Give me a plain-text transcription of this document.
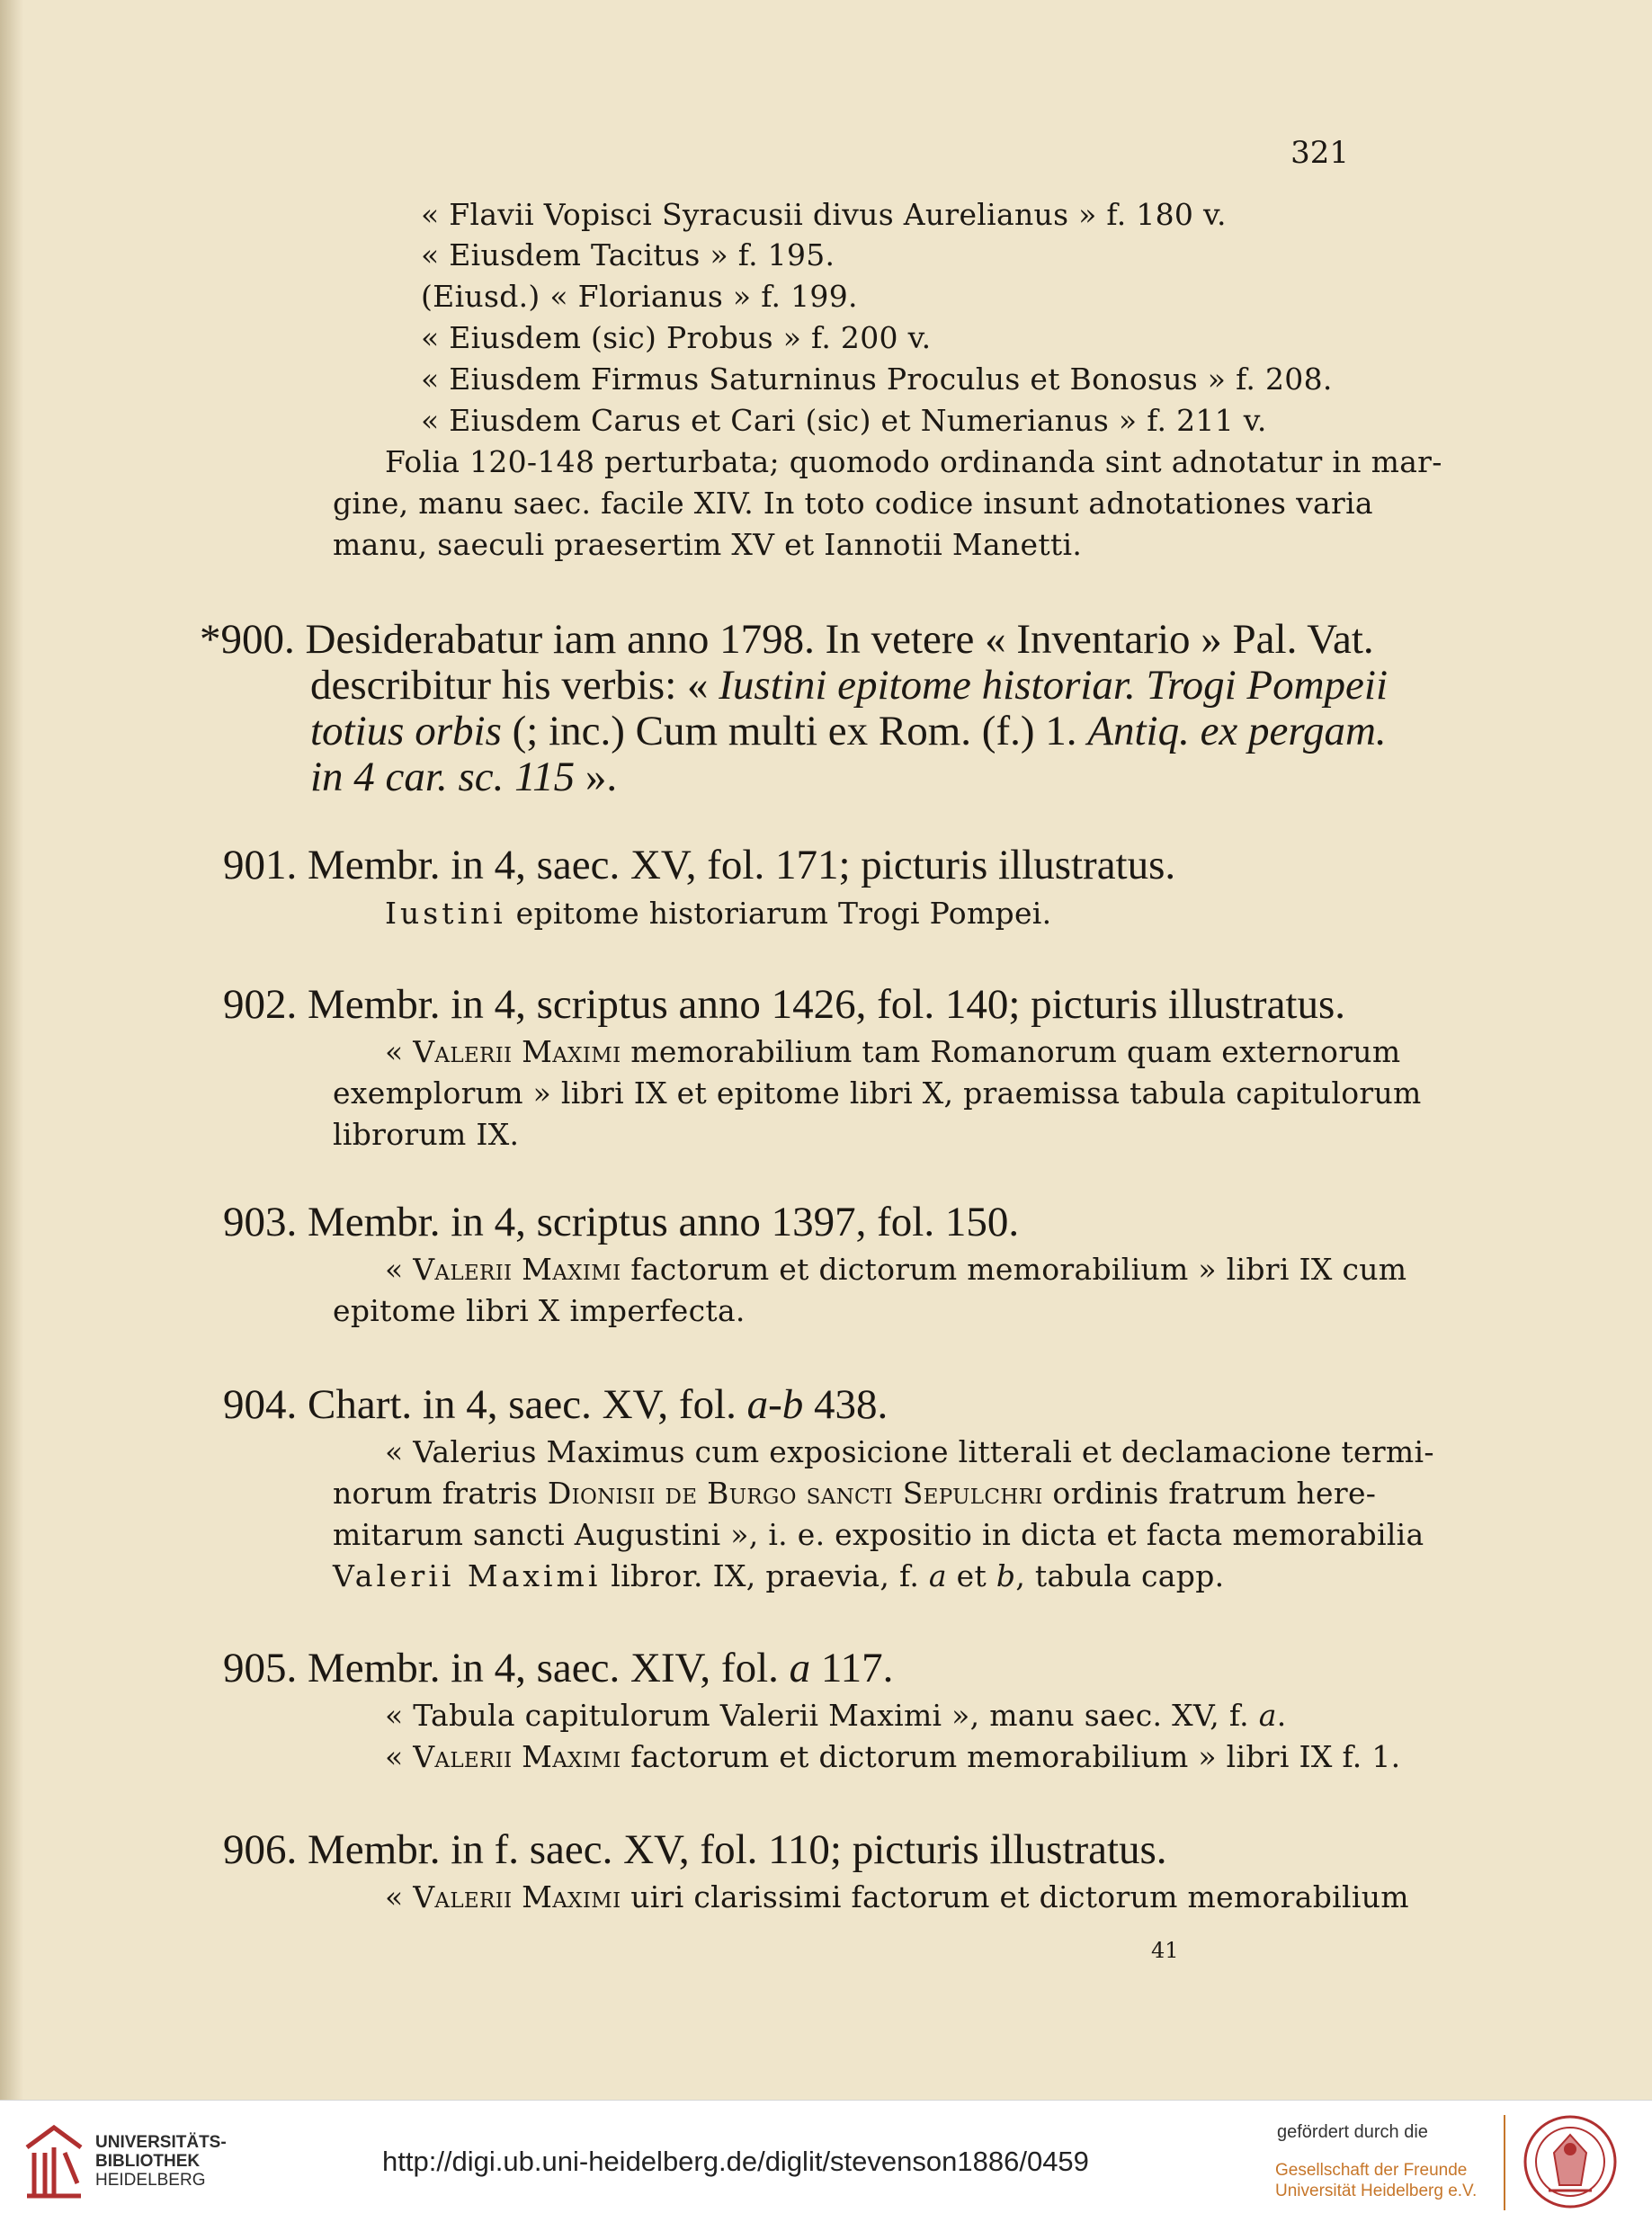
321
« Flavii Vopisci Syracusii divus Aurelianus » f. 180 v.
« Eiusdem Tacitus » f. 195.
(Eiusd.) « Florianus » f. 199.
« Eiusdem (sic) Probus » f. 200 v.
« Eiusdem Firmus Saturninus Proculus et Bonosus » f. 208.
« Eiusdem Carus et Cari (sic) et Numerianus » f. 211 v.
Folia 120-148 perturbata; quomodo ordinanda sint adnotatur in mar-
gine, manu saec. facile XIV. In toto codice insunt adnotationes varia
manu, saeculi praesertim XV et Iannotii Manetti.
*900. Desiderabatur iam anno 1798. In vetere « Inventario » Pal. Vat.
describitur his verbis: « Iustini epitome historiar. Trogi Pompeii
totius orbis (; inc.) Cum multi ex Rom. (f.) 1. Antiq. ex pergam.
in 4 car. sc. 115 ».
901. Membr. in 4, saec. XV, fol. 171; picturis illustratus.
Iustini epitome historiarum Trogi Pompei.
902. Membr. in 4, scriptus anno 1426, fol. 140; picturis illustratus.
« Valerii Maximi memorabilium tam Romanorum quam externorum
exemplorum » libri IX et epitome libri X, praemissa tabula capitulorum
librorum IX.
903. Membr. in 4, scriptus anno 1397, fol. 150.
« Valerii Maximi factorum et dictorum memorabilium » libri IX cum
epitome libri X imperfecta.
904. Chart. in 4, saec. XV, fol. a-b 438.
« Valerius Maximus cum exposicione litterali et declamacione termi-
norum fratris Dionisii de Burgo sancti Sepulchri ordinis fratrum here-
mitarum sancti Augustini », i. e. expositio in dicta et facta memorabilia
Valerii Maximi libror. IX, praevia, f. a et b, tabula capp.
905. Membr. in 4, saec. XIV, fol. a 117.
« Tabula capitulorum Valerii Maximi », manu saec. XV, f. a.
« Valerii Maximi factorum et dictorum memorabilium » libri IX f. 1.
906. Membr. in f. saec. XV, fol. 110; picturis illustratus.
« Valerii Maximi uiri clarissimi factorum et dictorum memorabilium
41
UNIVERSITÄTS-
BIBLIOTHEK
HEIDELBERG
http://digi.ub.uni-heidelberg.de/diglit/stevenson1886/0459
gefördert durch die
Gesellschaft der Freunde
Universität Heidelberg e.V.
